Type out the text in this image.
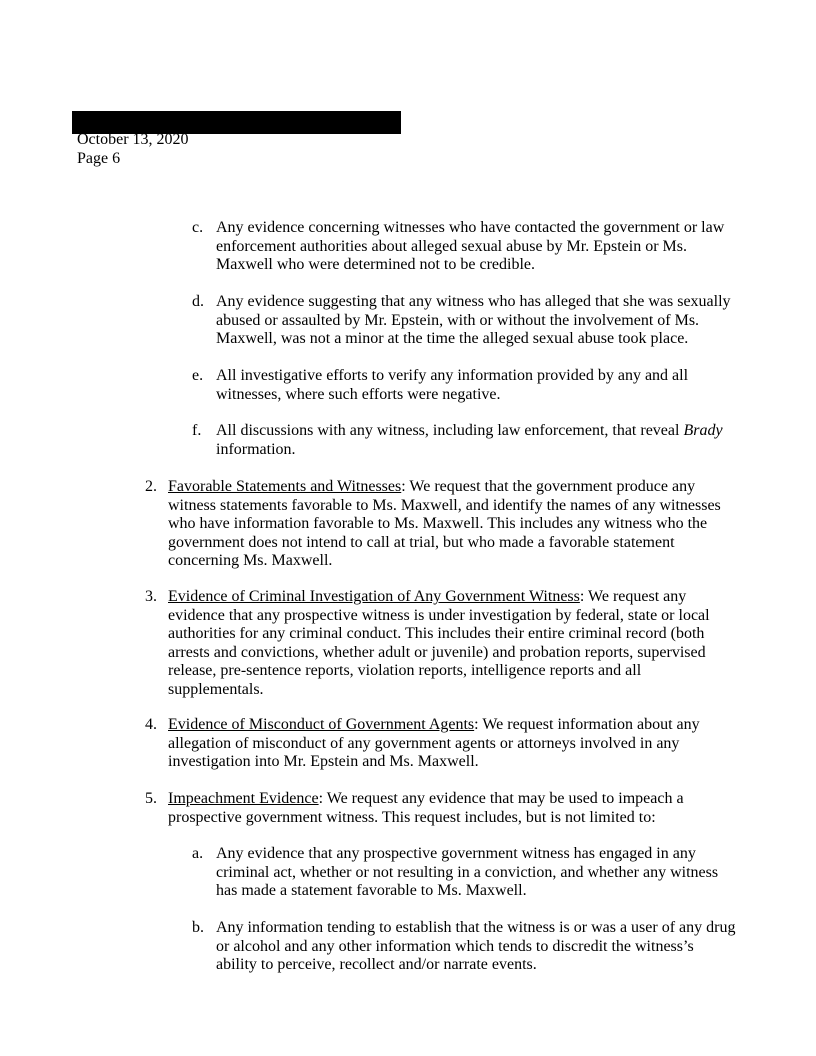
October 13, 2020
Page 6
c. Any evidence concerning witnesses who have contacted the government or law enforcement authorities about alleged sexual abuse by Mr. Epstein or Ms. Maxwell who were determined not to be credible.
d. Any evidence suggesting that any witness who has alleged that she was sexually abused or assaulted by Mr. Epstein, with or without the involvement of Ms. Maxwell, was not a minor at the time the alleged sexual abuse took place.
e. All investigative efforts to verify any information provided by any and all witnesses, where such efforts were negative.
f. All discussions with any witness, including law enforcement, that reveal Brady information.
2. Favorable Statements and Witnesses: We request that the government produce any witness statements favorable to Ms. Maxwell, and identify the names of any witnesses who have information favorable to Ms. Maxwell. This includes any witness who the government does not intend to call at trial, but who made a favorable statement concerning Ms. Maxwell.
3. Evidence of Criminal Investigation of Any Government Witness: We request any evidence that any prospective witness is under investigation by federal, state or local authorities for any criminal conduct. This includes their entire criminal record (both arrests and convictions, whether adult or juvenile) and probation reports, supervised release, pre-sentence reports, violation reports, intelligence reports and all supplementals.
4. Evidence of Misconduct of Government Agents: We request information about any allegation of misconduct of any government agents or attorneys involved in any investigation into Mr. Epstein and Ms. Maxwell.
5. Impeachment Evidence: We request any evidence that may be used to impeach a prospective government witness. This request includes, but is not limited to:
a. Any evidence that any prospective government witness has engaged in any criminal act, whether or not resulting in a conviction, and whether any witness has made a statement favorable to Ms. Maxwell.
b. Any information tending to establish that the witness is or was a user of any drug or alcohol and any other information which tends to discredit the witness’s ability to perceive, recollect and/or narrate events.
